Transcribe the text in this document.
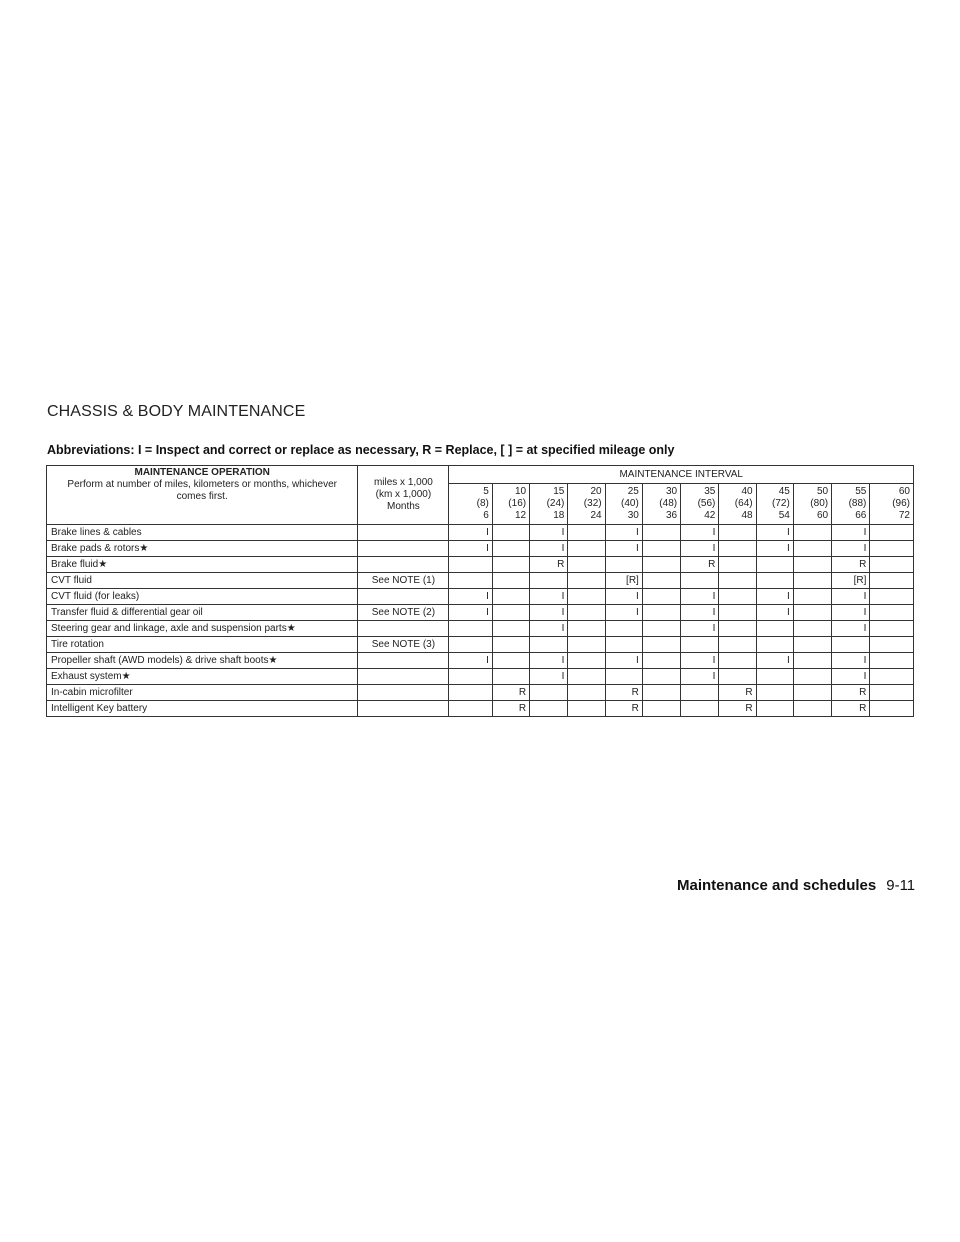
CHASSIS & BODY MAINTENANCE
Abbreviations: I = Inspect and correct or replace as necessary, R = Replace, [ ] = at specified mileage only
MAINTENANCE OPERATION
Perform at number of miles, kilometers or months, whichever comes first.	miles x 1,000
(km x 1,000)
Months	MAINTENANCE INTERVAL											

		5
(8)
6	10
(16)
12	15
(24)
18	20
(32)
24	25
(40)
30	30
(48)
36	35
(56)
42	40
(64)
48	45
(72)
54	50
(80)
60	55
(88)
66	60
(96)
72

Brake lines & cables		I		I		I		I		I		I	
Brake pads & rotors★		I		I		I		I		I		I	
Brake fluid★				R				R				R	
CVT fluid	See NOTE (1)					[R]						[R]	
CVT fluid (for leaks)		I		I		I		I		I		I	
Transfer fluid & differential gear oil	See NOTE (2)	I		I		I		I		I		I	
Steering gear and linkage, axle and suspension parts★				I				I				I	
Tire rotation	See NOTE (3)												
Propeller shaft (AWD models) & drive shaft boots★		I		I		I		I		I		I	
Exhaust system★				I				I				I	
In-cabin microfilter			R			R			R			R	
Intelligent Key battery			R			R			R			R	
Maintenance and schedules 9-11
